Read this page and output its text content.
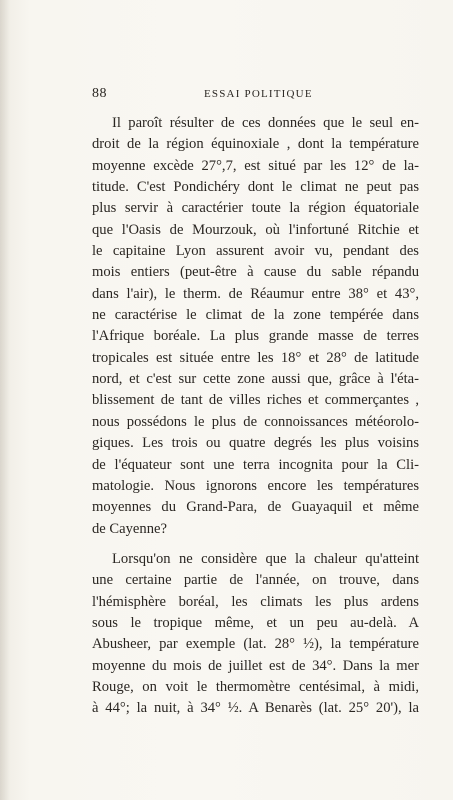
88	ESSAI POLITIQUE
Il paroît résulter de ces données que le seul en-
droit de la région équinoxiale , dont la température
moyenne excède 27°,7, est situé par les 12° de la-
titude. C'est Pondichéry dont le climat ne peut pas
plus servir à caractérier toute la région équatoriale
que l'Oasis de Mourzouk, où l'infortuné Ritchie et
le capitaine Lyon assurent avoir vu, pendant des
mois entiers (peut-être à cause du sable répandu
dans l'air), le therm. de Réaumur entre 38° et 43°,
ne caractérise le climat de la zone tempérée dans
l'Afrique boréale. La plus grande masse de terres
tropicales est située entre les 18° et 28° de latitude
nord, et c'est sur cette zone aussi que, grâce à l'éta-
blissement de tant de villes riches et commerçantes ,
nous possédons le plus de connoissances météorolo-
giques. Les trois ou quatre degrés les plus voisins
de l'équateur sont une terra incognita pour la Cli-
matologie. Nous ignorons encore les températures
moyennes du Grand-Para, de Guayaquil et même
de Cayenne?
Lorsqu'on ne considère que la chaleur qu'atteint
une certaine partie de l'année, on trouve, dans
l'hémisphère boréal, les climats les plus ardens
sous le tropique même, et un peu au-delà. A
Abusheer, par exemple (lat. 28° ½), la température
moyenne du mois de juillet est de 34°. Dans la mer
Rouge, on voit le thermomètre centésimal, à midi,
à 44°; la nuit, à 34° ½. A Benarès (lat. 25° 20'), la
